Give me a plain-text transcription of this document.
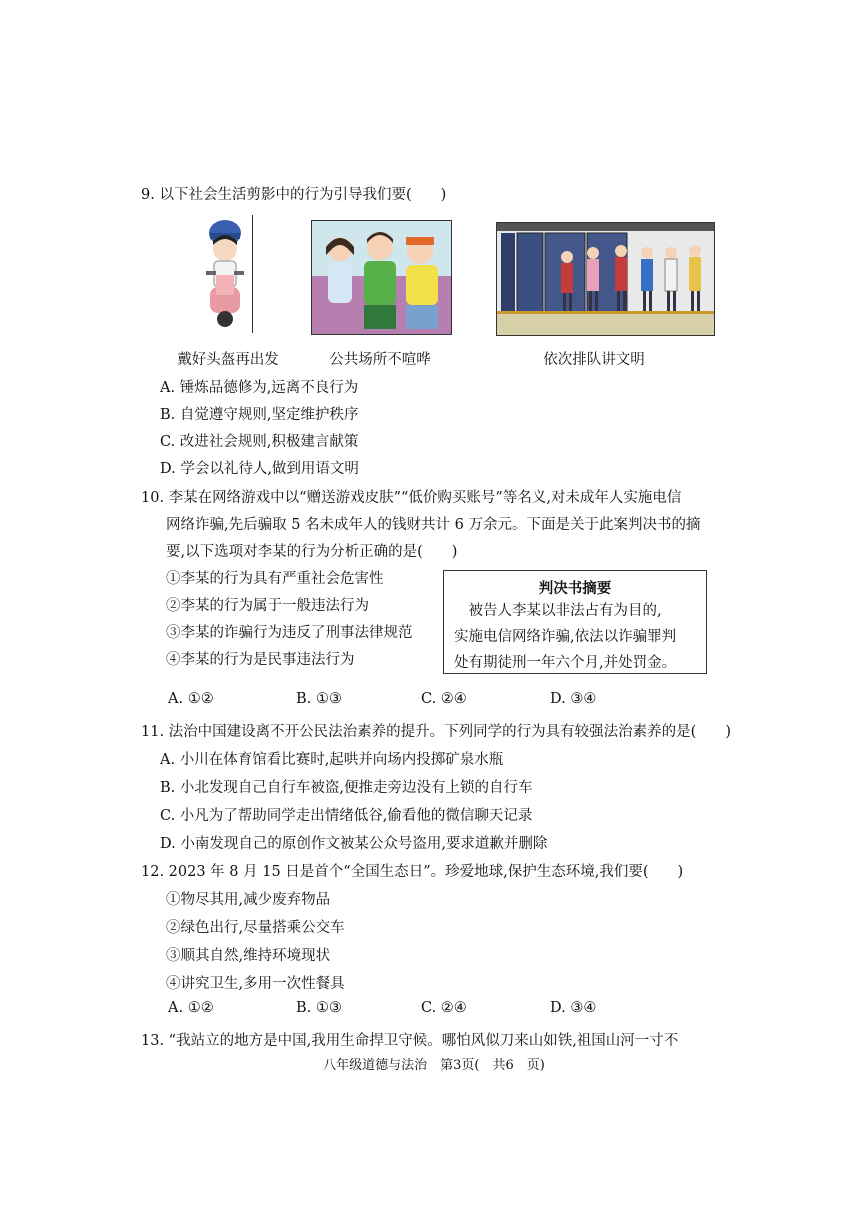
9. 以下社会生活剪影中的行为引导我们要(　　)
戴好头盔再出发	公共场所不喧哗	依次排队讲文明
A. 锤炼品德修为,远离不良行为
B. 自觉遵守规则,坚定维护秩序
C. 改进社会规则,积极建言献策
D. 学会以礼待人,做到用语文明
10. 李某在网络游戏中以“赠送游戏皮肤”“低价购买账号”等名义,对未成年人实施电信
网络诈骗,先后骗取 5 名未成年人的钱财共计 6 万余元。下面是关于此案判决书的摘
要,以下选项对李某的行为分析正确的是(　　)
①李某的行为具有严重社会危害性
②李某的行为属于一般违法行为
③李某的诈骗行为违反了刑事法律规范
④李某的行为是民事违法行为
判决书摘要
　被告人李某以非法占有为目的,
实施电信网络诈骗,依法以诈骗罪判
处有期徒刑一年六个月,并处罚金。
A. ①②	B. ①③	C. ②④	D. ③④
11. 法治中国建设离不开公民法治素养的提升。下列同学的行为具有较强法治素养的是(　　)
A. 小川在体育馆看比赛时,起哄并向场内投掷矿泉水瓶
B. 小北发现自己自行车被盗,便推走旁边没有上锁的自行车
C. 小凡为了帮助同学走出情绪低谷,偷看他的微信聊天记录
D. 小南发现自己的原创作文被某公众号盗用,要求道歉并删除
12. 2023 年 8 月 15 日是首个“全国生态日”。珍爱地球,保护生态环境,我们要(　　)
①物尽其用,减少废弃物品
②绿色出行,尽量搭乘公交车
③顺其自然,维持环境现状
④讲究卫生,多用一次性餐具
A. ①②	B. ①③	C. ②④	D. ③④
13. “我站立的地方是中国,我用生命捍卫守候。哪怕风似刀来山如铁,祖国山河一寸不
八年级道德与法治　第3页(　共6　页)
